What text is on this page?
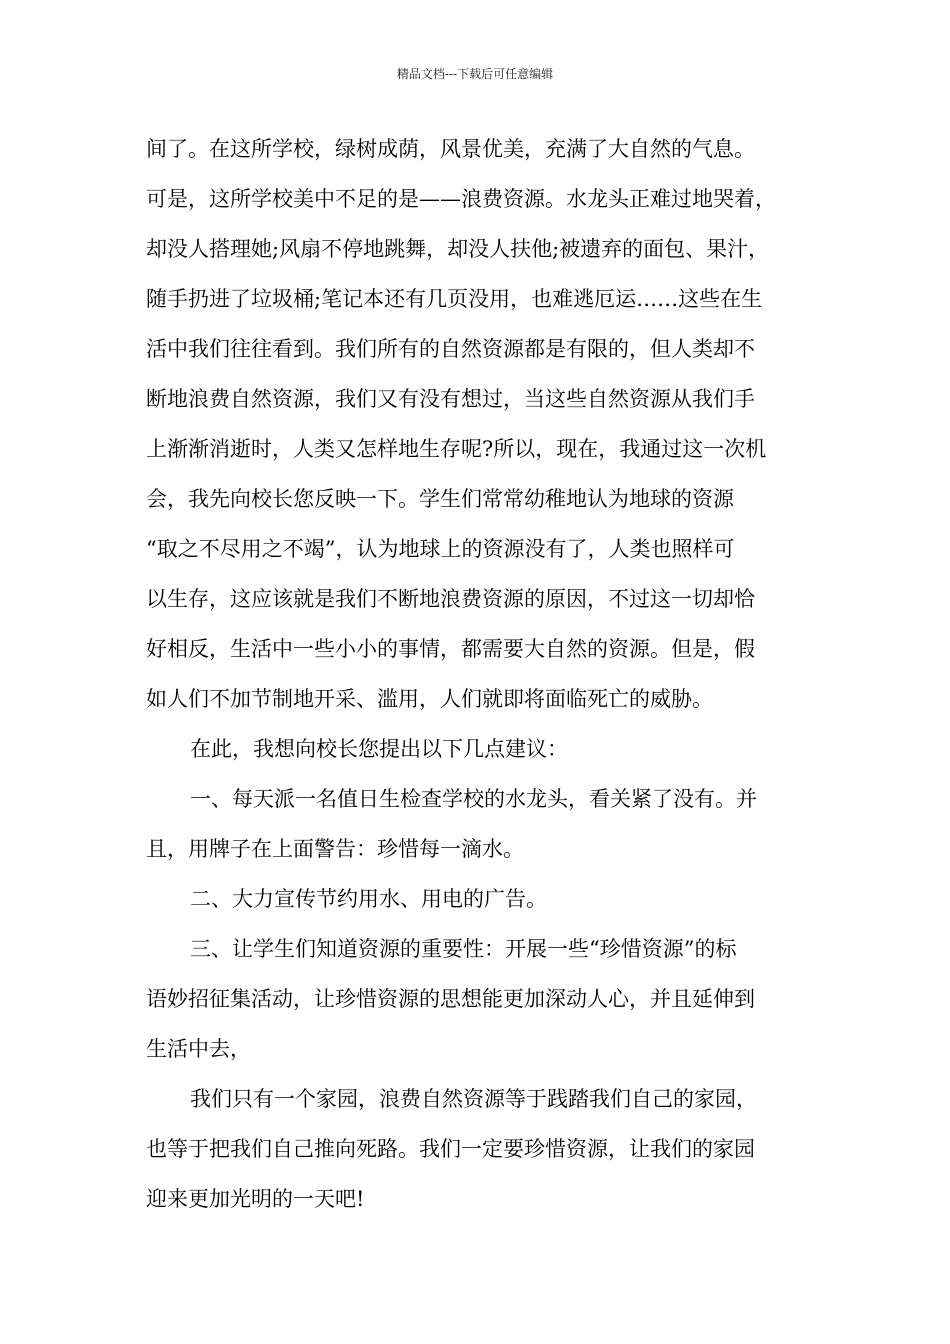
精品文档---下载后可任意编辑
间了。在这所学校，绿树成荫，风景优美，充满了大自然的气息。
可是，这所学校美中不足的是——浪费资源。水龙头正难过地哭着，
却没人搭理她;风扇不停地跳舞，却没人扶他;被遗弃的面包、果汁，
随手扔进了垃圾桶;笔记本还有几页没用，也难逃厄运……这些在生
活中我们往往看到。我们所有的自然资源都是有限的，但人类却不
断地浪费自然资源，我们又有没有想过，当这些自然资源从我们手
上渐渐消逝时，人类又怎样地生存呢?所以，现在，我通过这一次机
会，我先向校长您反映一下。学生们常常幼稚地认为地球的资源
“取之不尽用之不竭”，认为地球上的资源没有了，人类也照样可
以生存，这应该就是我们不断地浪费资源的原因，不过这一切却恰
好相反，生活中一些小小的事情，都需要大自然的资源。但是，假
如人们不加节制地开采、滥用，人们就即将面临死亡的威胁。
在此，我想向校长您提出以下几点建议：
一、每天派一名值日生检查学校的水龙头，看关紧了没有。并
且，用牌子在上面警告：珍惜每一滴水。
二、大力宣传节约用水、用电的广告。
三、让学生们知道资源的重要性：开展一些“珍惜资源”的标
语妙招征集活动，让珍惜资源的思想能更加深动人心，并且延伸到
生活中去，
我们只有一个家园，浪费自然资源等于践踏我们自己的家园，
也等于把我们自己推向死路。我们一定要珍惜资源，让我们的家园
迎来更加光明的一天吧!
